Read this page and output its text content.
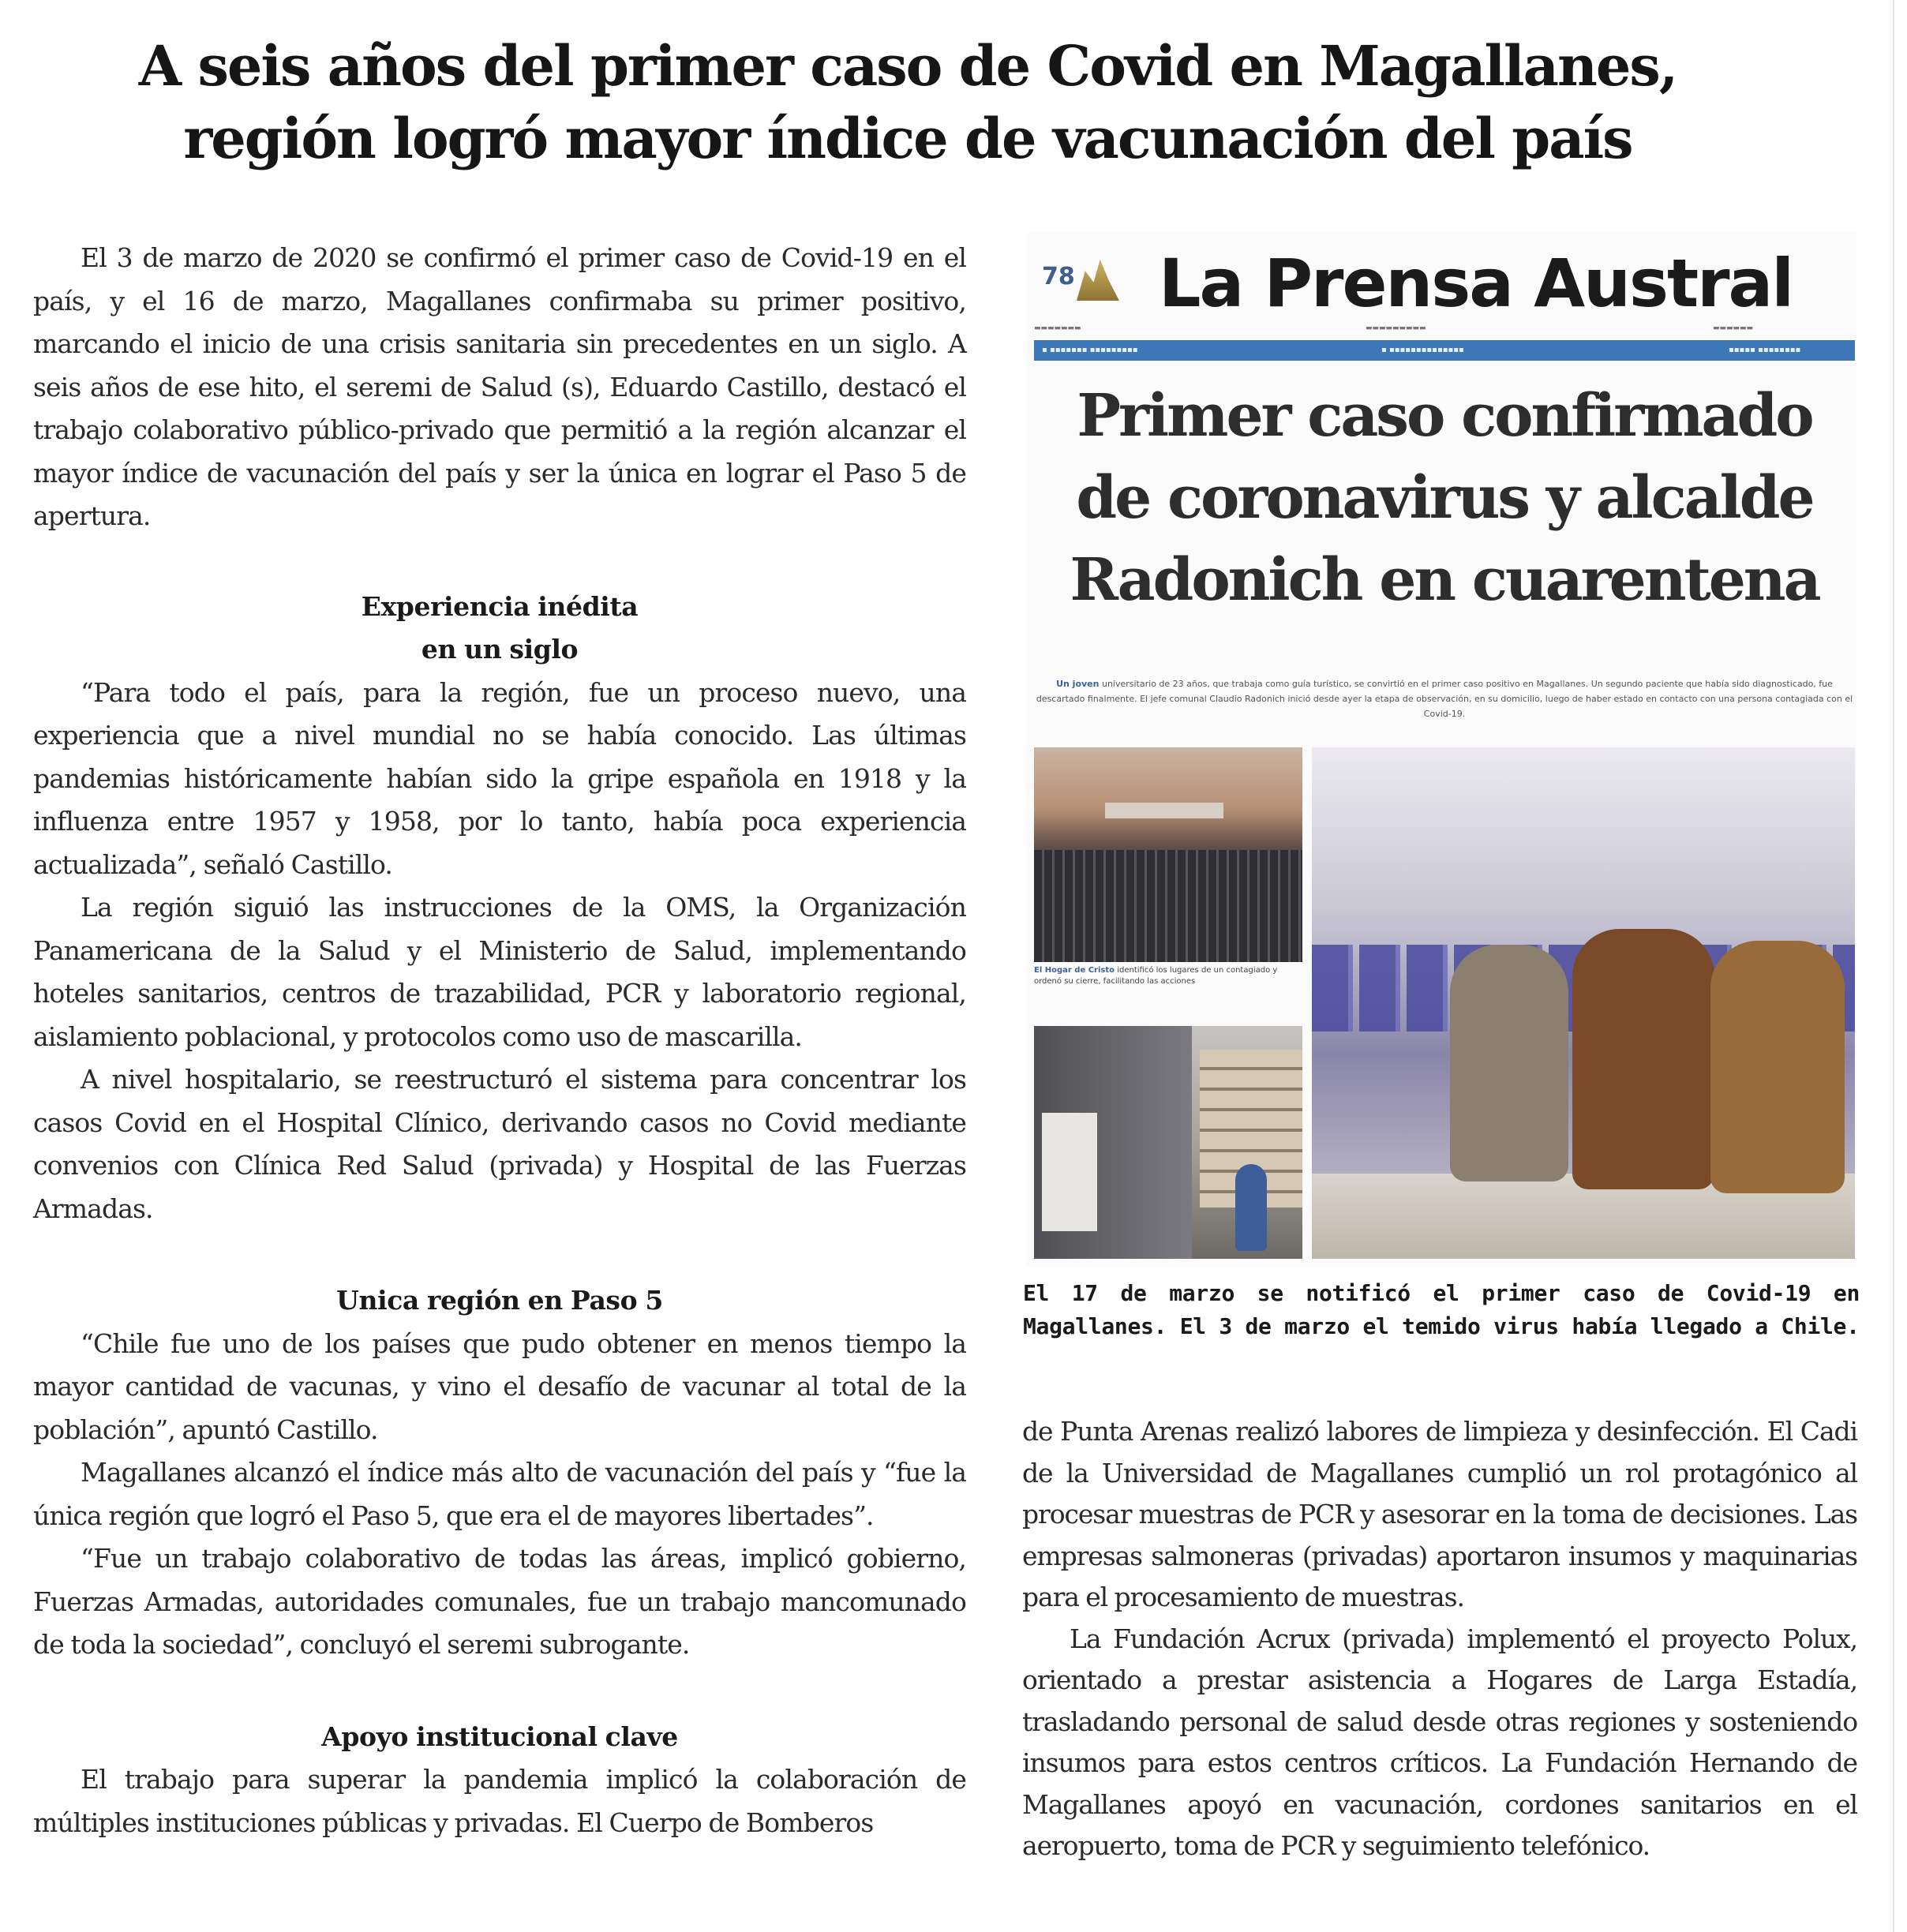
A seis años del primer caso de Covid en Magallanes,
región logró mayor índice de vacunación del país

El 3 de marzo de 2020 se confirmó el primer caso de Covid-19 en el país, y el 16 de marzo, Magallanes confirmaba su primer positivo, marcando el inicio de una crisis sanitaria sin precedentes en un siglo. A seis años de ese hito, el seremi de Salud (s), Eduardo Castillo, destacó el trabajo colaborativo público-privado que permitió a la región alcanzar el mayor índice de vacunación del país y ser la única en lograr el Paso 5 de apertura.

Experiencia inédita
en un siglo

“Para todo el país, para la región, fue un proceso nuevo, una experiencia que a nivel mundial no se había conocido. Las últimas pandemias históricamente habían sido la gripe española en 1918 y la influenza entre 1957 y 1958, por lo tanto, había poca experiencia actualizada”, señaló Castillo.

La región siguió las instrucciones de la OMS, la Organización Panamericana de la Salud y el Ministerio de Salud, implementando hoteles sanitarios, centros de trazabilidad, PCR y laboratorio regional, aislamiento poblacional, y protocolos como uso de mascarilla.

A nivel hospitalario, se reestructuró el sistema para concentrar los casos Covid en el Hospital Clínico, derivando casos no Covid mediante convenios con Clínica Red Salud (privada) y Hospital de las Fuerzas Armadas.

Unica región en Paso 5

“Chile fue uno de los países que pudo obtener en menos tiempo la mayor cantidad de vacunas, y vino el desafío de vacunar al total de la población”, apuntó Castillo.

Magallanes alcanzó el índice más alto de vacunación del país y “fue la única región que logró el Paso 5, que era el de mayores libertades”.

“Fue un trabajo colaborativo de todas las áreas, implicó gobierno, Fuerzas Armadas, autoridades comunales, fue un trabajo mancomunado de toda la sociedad”, concluyó el seremi subrogante.

Apoyo institucional clave

El trabajo para superar la pandemia implicó la colaboración de múltiples instituciones públicas y privadas. El Cuerpo de Bomberos

78 La Prensa Austral
▬▬▬▬▬▬▬	▬▬▬▬▬▬▬▬▬	▬▬▬▬▬▬
▪ ▪▪▪▪▪▪▪ ▪▪▪▪▪▪▪▪▪	▪ ▪▪▪▪▪▪▪▪▪▪▪▪▪▪	▪▪▪▪▪ ▪▪▪▪▪▪▪▪
Primer caso confirmado
de coronavirus y alcalde
Radonich en cuarentena
Un joven universitario de 23 años, que trabaja como guía turístico, se convirtió en el primer caso positivo en Magallanes. Un segundo paciente que había sido diagnosticado, fue descartado finalmente. El jefe comunal Claudio Radonich inició desde ayer la etapa de observación, en su domicilio, luego de haber estado en contacto con una persona contagiada con el Covid-19.
El Hogar de Cristo identificó los lugares de un contagiado y ordenó su cierre, facilitando las acciones
El 17 de marzo se notificó el primer caso de Covid-19 en Magallanes. El 3 de marzo el temido virus había llegado a Chile.

de Punta Arenas realizó labores de limpieza y desinfección. El Cadi de la Universidad de Magallanes cumplió un rol protagónico al procesar muestras de PCR y asesorar en la toma de decisiones. Las empresas salmoneras (privadas) aportaron insumos y maquinarias para el procesamiento de muestras.

La Fundación Acrux (privada) implementó el proyecto Polux, orientado a prestar asistencia a Hogares de Larga Estadía, trasladando personal de salud desde otras regiones y sosteniendo insumos para estos centros críticos. La Fundación Hernando de Magallanes apoyó en vacunación, cordones sanitarios en el aeropuerto, toma de PCR y seguimiento telefónico.
